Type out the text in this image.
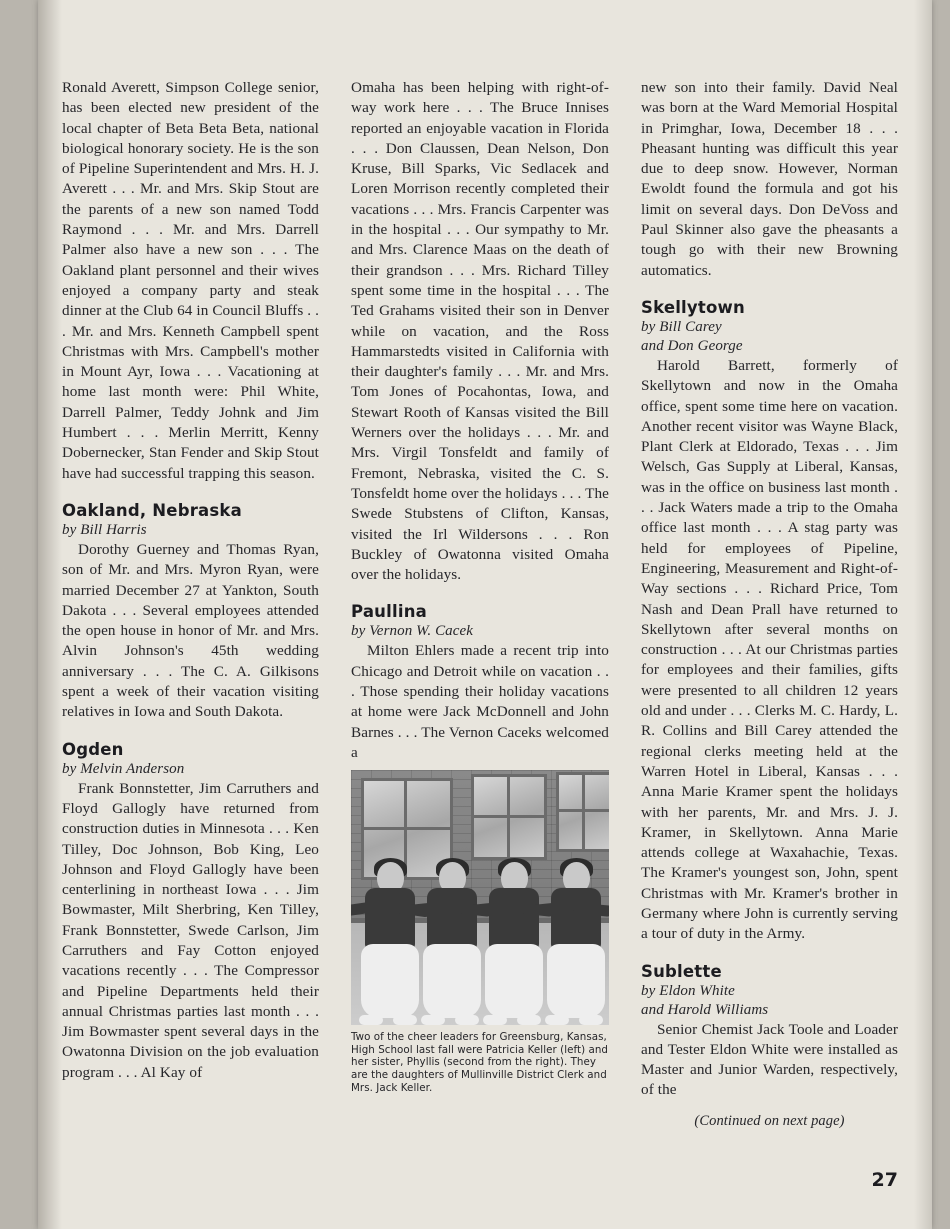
Ronald Averett, Simpson College senior, has been elected new president of the local chapter of Beta Beta Beta, national biological honorary society. He is the son of Pipeline Superintendent and Mrs. H. J. Averett . . . Mr. and Mrs. Skip Stout are the parents of a new son named Todd Raymond . . . Mr. and Mrs. Darrell Palmer also have a new son . . . The Oakland plant personnel and their wives enjoyed a company party and steak dinner at the Club 64 in Council Bluffs . . . Mr. and Mrs. Kenneth Campbell spent Christmas with Mrs. Campbell's mother in Mount Ayr, Iowa . . . Vacationing at home last month were: Phil White, Darrell Palmer, Teddy Johnk and Jim Humbert . . . Merlin Merritt, Kenny Dobernecker, Stan Fender and Skip Stout have had successful trapping this season.

Oakland, Nebraska

by Bill Harris

Dorothy Guerney and Thomas Ryan, son of Mr. and Mrs. Myron Ryan, were married December 27 at Yankton, South Dakota . . . Several employees attended the open house in honor of Mr. and Mrs. Alvin Johnson's 45th wedding anniversary . . . The C. A. Gilkisons spent a week of their vacation visiting relatives in Iowa and South Dakota.

Ogden

by Melvin Anderson

Frank Bonnstetter, Jim Carruthers and Floyd Gallogly have returned from construction duties in Minnesota . . . Ken Tilley, Doc Johnson, Bob King, Leo Johnson and Floyd Gallogly have been centerlining in northeast Iowa . . . Jim Bowmaster, Milt Sherbring, Ken Tilley, Frank Bonnstetter, Swede Carlson, Jim Carruthers and Fay Cotton enjoyed vacations recently . . . The Compressor and Pipeline Departments held their annual Christmas parties last month . . . Jim Bowmaster spent several days in the Owatonna Division on the job evaluation program . . . Al Kay of

Omaha has been helping with right-of-way work here . . . The Bruce Innises reported an enjoyable vacation in Florida . . . Don Claussen, Dean Nelson, Don Kruse, Bill Sparks, Vic Sedlacek and Loren Morrison recently completed their vacations . . . Mrs. Francis Carpenter was in the hospital . . . Our sympathy to Mr. and Mrs. Clarence Maas on the death of their grandson . . . Mrs. Richard Tilley spent some time in the hospital . . . The Ted Grahams visited their son in Denver while on vacation, and the Ross Hammarstedts visited in California with their daughter's family . . . Mr. and Mrs. Tom Jones of Pocahontas, Iowa, and Stewart Rooth of Kansas visited the Bill Werners over the holidays . . . Mr. and Mrs. Virgil Tonsfeldt and family of Fremont, Nebraska, visited the C. S. Tonsfeldt home over the holidays . . . The Swede Stubstens of Clifton, Kansas, visited the Irl Wildersons . . . Ron Buckley of Owatonna visited Omaha over the holidays.

Paullina

by Vernon W. Cacek

Milton Ehlers made a recent trip into Chicago and Detroit while on vacation . . . Those spending their holiday vacations at home were Jack McDonnell and John Barnes . . . The Vernon Caceks welcomed a

Two of the cheer leaders for Greensburg, Kansas, High School last fall were Patricia Keller (left) and her sister, Phyllis (second from the right). They are the daughters of Mullinville District Clerk and Mrs. Jack Keller.

new son into their family. David Neal was born at the Ward Memorial Hospital in Primghar, Iowa, December 18 . . . Pheasant hunting was difficult this year due to deep snow. However, Norman Ewoldt found the formula and got his limit on several days. Don DeVoss and Paul Skinner also gave the pheasants a tough go with their new Browning automatics.

Skellytown

by Bill Carey

and Don George

Harold Barrett, formerly of Skellytown and now in the Omaha office, spent some time here on vacation. Another recent visitor was Wayne Black, Plant Clerk at Eldorado, Texas . . . Jim Welsch, Gas Supply at Liberal, Kansas, was in the office on business last month . . . Jack Waters made a trip to the Omaha office last month . . . A stag party was held for employees of Pipeline, Engineering, Measurement and Right-of-Way sections . . . Richard Price, Tom Nash and Dean Prall have returned to Skellytown after several months on construction . . . At our Christmas parties for employees and their families, gifts were presented to all children 12 years old and under . . . Clerks M. C. Hardy, L. R. Collins and Bill Carey attended the regional clerks meeting held at the Warren Hotel in Liberal, Kansas . . . Anna Marie Kramer spent the holidays with her parents, Mr. and Mrs. J. J. Kramer, in Skellytown. Anna Marie attends college at Waxahachie, Texas. The Kramer's youngest son, John, spent Christmas with Mr. Kramer's brother in Germany where John is currently serving a tour of duty in the Army.

Sublette

by Eldon White

and Harold Williams

Senior Chemist Jack Toole and Loader and Tester Eldon White were installed as Master and Junior Warden, respectively, of the

(Continued on next page)

27
